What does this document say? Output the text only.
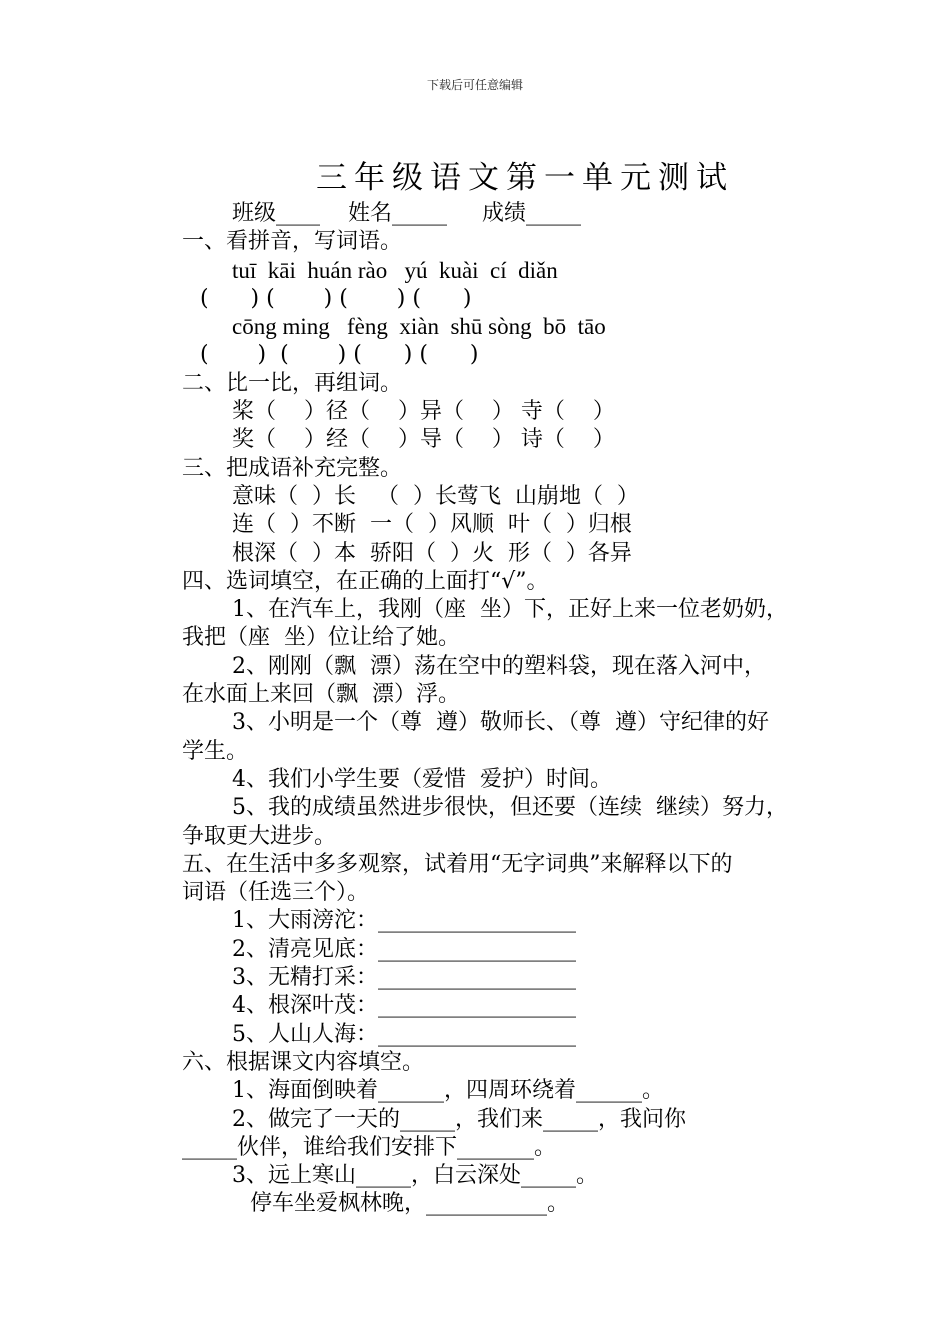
下载后可任意编辑
三年级语文第一单元测试
班级____    姓名_____     成绩_____
一、看拼音，写词语。
tuī  kāi  huán rào   yú  kuài  cí  diǎn
(      ) (       ) (       ) (      )
cōng ming   fèng  xiàn  shū sòng  bō  tāo
(       )  (       ) (      ) (      )
二、比一比，再组词。
桨（    ）径（    ）异（    ） 寺（    ）
奖（    ）经（    ）导（    ） 诗（    ）
三、把成语补充完整。
意味（  ）长   （  ）长莺飞  山崩地（  ）
连（  ）不断  一（  ）风顺  叶（  ）归根
根深（  ）本  骄阳（  ）火  形（  ）各异
四、选词填空，在正确的上面打“√”。
1、在汽车上，我刚（座  坐）下，正好上来一位老奶奶，
我把（座  坐）位让给了她。
2、刚刚（飘  漂）荡在空中的塑料袋，现在落入河中，
在水面上来回（飘  漂）浮。
3、小明是一个（尊  遵）敬师长、（尊  遵）守纪律的好
学生。
4、我们小学生要（爱惜  爱护）时间。
5、我的成绩虽然进步很快，但还要（连续  继续）努力，
争取更大进步。
五、在生活中多多观察，试着用“无字词典”来解释以下的
词语（任选三个）。
1、大雨滂沱：__________________
2、清亮见底：__________________
3、无精打采：__________________
4、根深叶茂：__________________
5、人山人海：__________________
六、根据课文内容填空。
1、海面倒映着______，四周环绕着______。
2、做完了一天的_____，我们来_____，我问你
_____伙伴，谁给我们安排下_______。
3、远上寒山_____，白云深处_____。
停车坐爱枫林晚，___________。
